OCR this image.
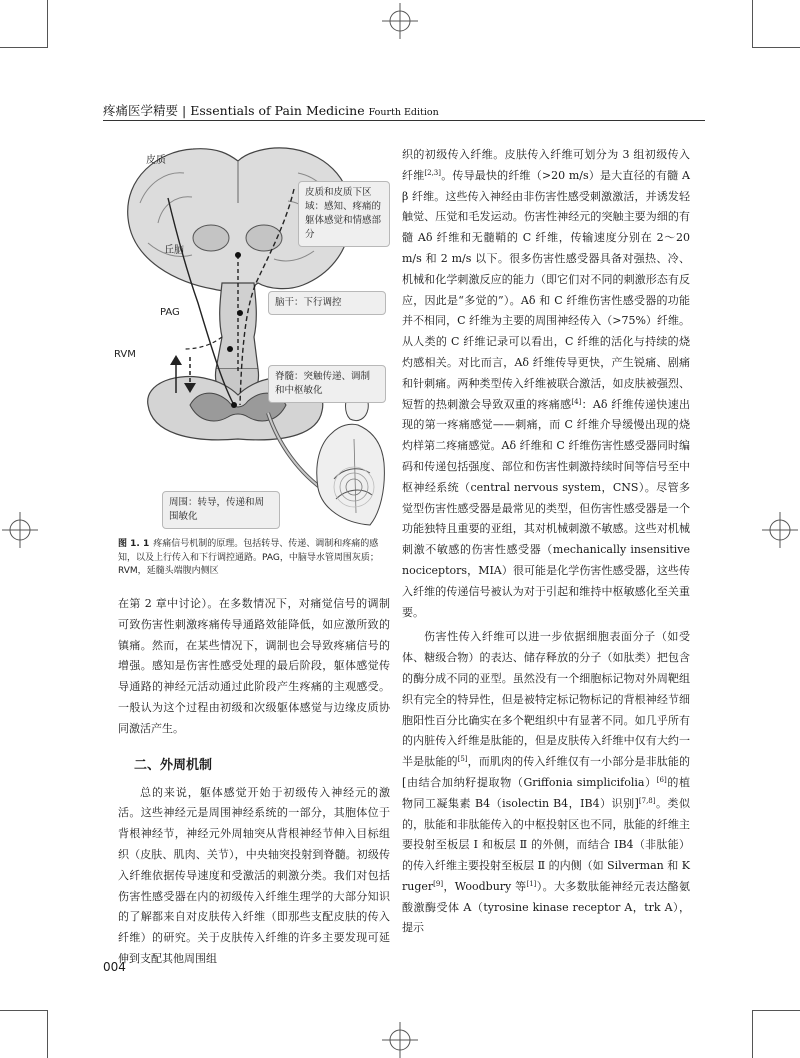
疼痛医学精要 | Essentials of Pain Medicine Fourth Edition
皮质
丘脑
PAG
RVM
皮质和皮质下区域：感知、疼痛的躯体感觉和情感部分
脑干：下行调控
脊髓：突触传递、调制和中枢敏化
周围：转导，传递和周围敏化
图 1. 1 疼痛信号机制的原理。包括转导、传递、调制和疼痛的感知，以及上行传入和下行调控通路。PAG，中脑导水管周围灰质；RVM，延髓头端腹内侧区

在第 2 章中讨论）。在多数情况下，对痛觉信号的调制可致伤害性刺激疼痛传导通路效能降低，如应激所致的镇痛。然而，在某些情况下，调制也会导致疼痛信号的增强。感知是伤害性感受处理的最后阶段，躯体感觉传导通路的神经元活动通过此阶段产生疼痛的主观感受。一般认为这个过程由初级和次级躯体感觉与边缘皮质协同激活产生。

二、外周机制

总的来说，躯体感觉开始于初级传入神经元的激活。这些神经元是周围神经系统的一部分，其胞体位于背根神经节，神经元外周轴突从背根神经节伸入目标组织（皮肤、肌肉、关节），中央轴突投射到脊髓。初级传入纤维依据传导速度和受激活的刺激分类。我们对包括伤害性感受器在内的初级传入纤维生理学的大部分知识的了解都来自对皮肤传入纤维（即那些支配皮肤的传入纤维）的研究。关于皮肤传入纤维的许多主要发现可延伸到支配其他周围组

织的初级传入纤维。皮肤传入纤维可划分为 3 组初级传入纤维[2,3]。传导最快的纤维（>20 m/s）是大直径的有髓 Aβ 纤维。这些传入神经由非伤害性感受刺激激活，并诱发轻触觉、压觉和毛发运动。伤害性神经元的突触主要为细的有髓 Aδ 纤维和无髓鞘的 C 纤维，传输速度分别在 2～20 m/s 和 2 m/s 以下。很多伤害性感受器具备对强热、冷、机械和化学刺激反应的能力（即它们对不同的刺激形态有反应，因此是“多觉的”）。Aδ 和 C 纤维伤害性感受器的功能并不相同，C 纤维为主要的周围神经传入（>75%）纤维。从人类的 C 纤维记录可以看出，C 纤维的活化与持续的烧灼感相关。对比而言，Aδ 纤维传导更快，产生锐痛、剧痛和针刺痛。两种类型传入纤维被联合激活，如皮肤被强烈、短暂的热刺激会导致双重的疼痛感[4]：Aδ 纤维传递快速出现的第一疼痛感觉——刺痛，而 C 纤维介导缓慢出现的烧灼样第二疼痛感觉。Aδ 纤维和 C 纤维伤害性感受器同时编码和传递包括强度、部位和伤害性刺激持续时间等信号至中枢神经系统（central nervous system，CNS）。尽管多觉型伤害性感受器是最常见的类型，但伤害性感受器是一个功能独特且重要的亚组，其对机械刺激不敏感。这些对机械刺激不敏感的伤害性感受器（mechanically insensitive nociceptors，MIA）很可能是化学伤害性感受器，这些传入纤维的传递信号被认为对于引起和维持中枢敏感化至关重要。

伤害性传入纤维可以进一步依据细胞表面分子（如受体、糖级合物）的表达、储存释放的分子（如肽类）把包含的酶分成不同的亚型。虽然没有一个细胞标记物对外周靶组织有完全的特异性，但是被特定标记物标记的背根神经节细胞阳性百分比确实在多个靶组织中有显著不同。如几乎所有的内脏传入纤维是肽能的，但是皮肤传入纤维中仅有大约一半是肽能的[5]，而肌肉的传入纤维仅有一小部分是非肽能的[由结合加纳籽提取物（Griffonia simplicifolia）[6]的植物同工凝集素 B4（isolectin B4，IB4）识别][7,8]。类似的，肽能和非肽能传入的中枢投射区也不同，肽能的纤维主要投射至板层 Ⅰ 和板层 Ⅱ 的外侧，而结合 IB4（非肽能）的传入纤维主要投射至板层 Ⅱ 的内侧（如 Silverman 和 Kruger[9]，Woodbury 等[1]）。大多数肽能神经元表达酪氨酸激酶受体 A（tyrosine kinase receptor A，trk A），提示

004
